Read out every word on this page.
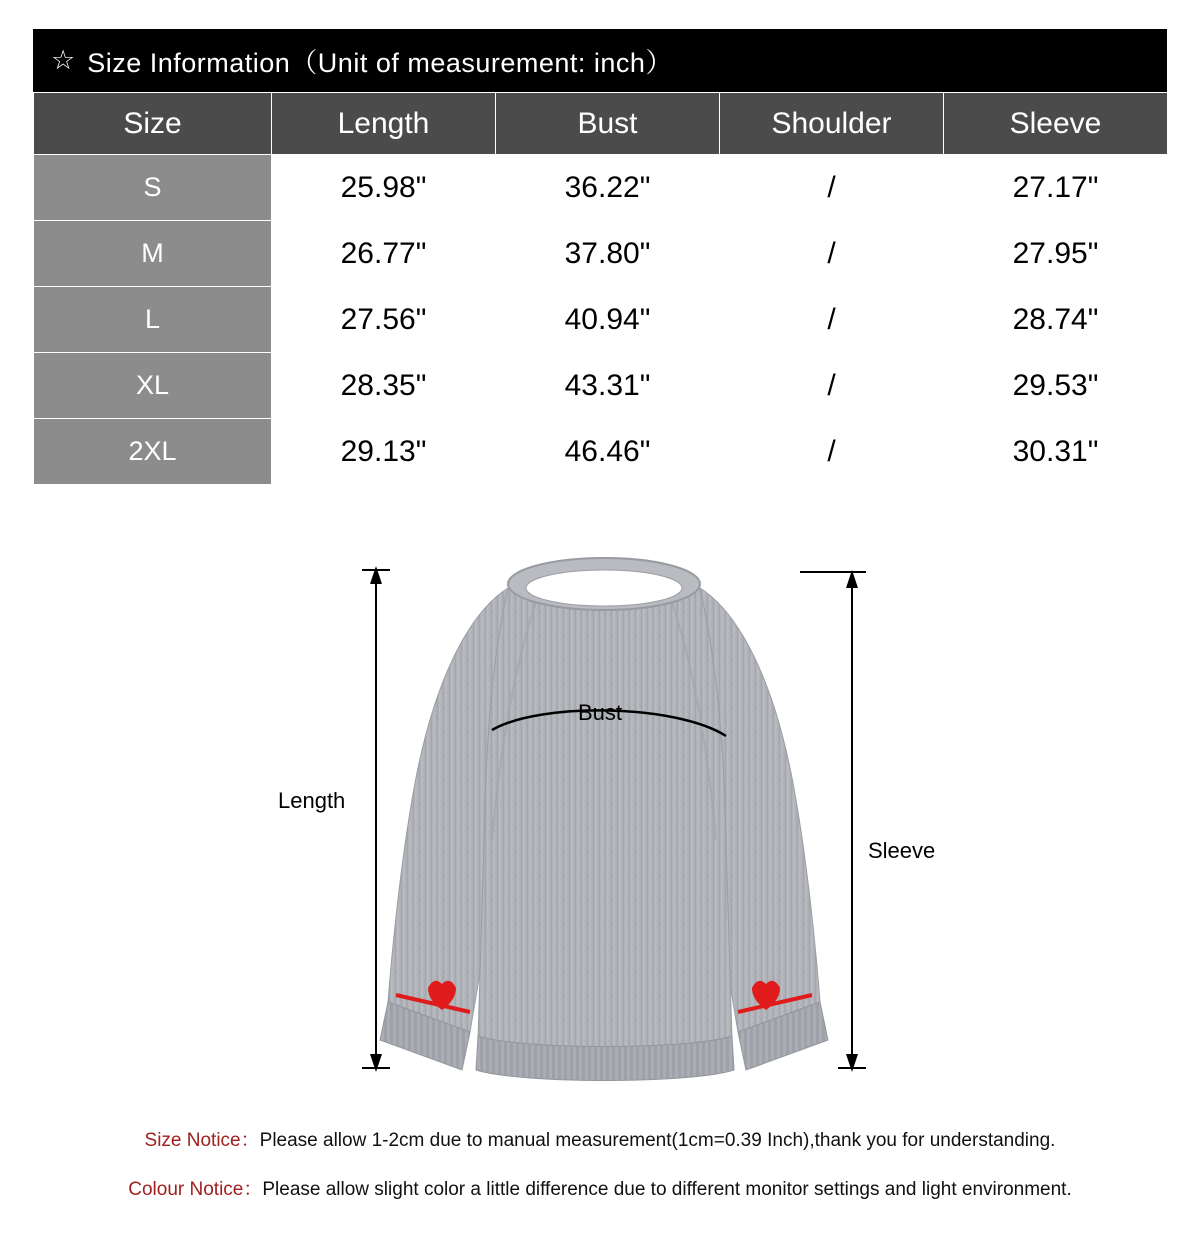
☆ Size Information（Unit of measurement: inch）
Size	Length	Bust	Shoulder	Sleeve
S	25.98"	36.22"	/	27.17"
M	26.77"	37.80"	/	27.95"
L	27.56"	40.94"	/	28.74"
XL	28.35"	43.31"	/	29.53"
2XL	29.13"	46.46"	/	30.31"
Length
Bust
Sleeve
Size Notice：Please allow 1-2cm due to manual measurement(1cm=0.39 Inch),thank you for understanding.
Colour Notice：Please allow slight color a little difference due to different monitor settings and light environment.
